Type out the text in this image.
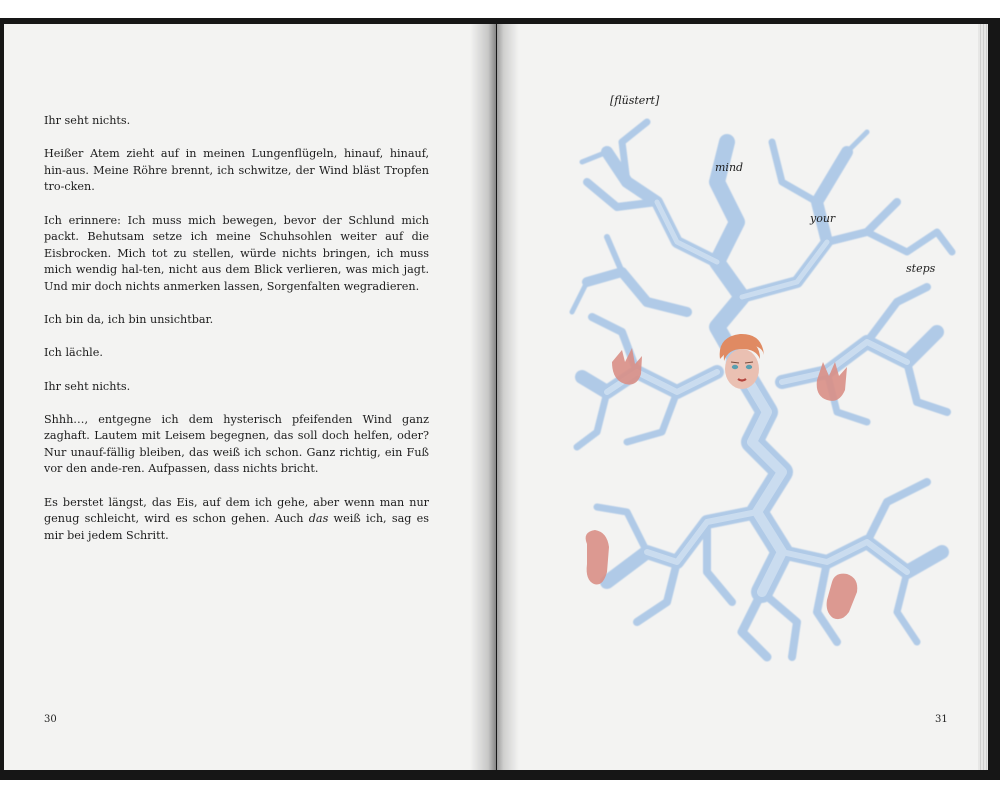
Ihr seht nichts.

Heißer Atem zieht auf in meinen Lungenflügeln, hinauf, hinauf, hin-aus. Meine Röhre brennt, ich schwitze, der Wind bläst Tropfen tro-cken.

Ich erinnere: Ich muss mich bewegen, bevor der Schlund mich packt. Behutsam setze ich meine Schuhsohlen weiter auf die Eisbrocken. Mich tot zu stellen, würde nichts bringen, ich muss mich wendig hal-ten, nicht aus dem Blick verlieren, was mich jagt. Und mir doch nichts anmerken lassen, Sorgenfalten wegradieren.

Ich bin da, ich bin unsichtbar.

Ich lächle.

Ihr seht nichts.

Shhh…, entgegne ich dem hysterisch pfeifenden Wind ganz zaghaft. Lautem mit Leisem begegnen, das soll doch helfen, oder? Nur unauf-fällig bleiben, das weiß ich schon. Ganz richtig, ein Fuß vor den ande-ren. Aufpassen, dass nichts bricht.

Es berstet längst, das Eis, auf dem ich gehe, aber wenn man nur genug schleicht, wird es schon gehen. Auch das weiß ich, sag es mir bei jedem Schritt.

30
[flüstert]
mind
your
steps
31
